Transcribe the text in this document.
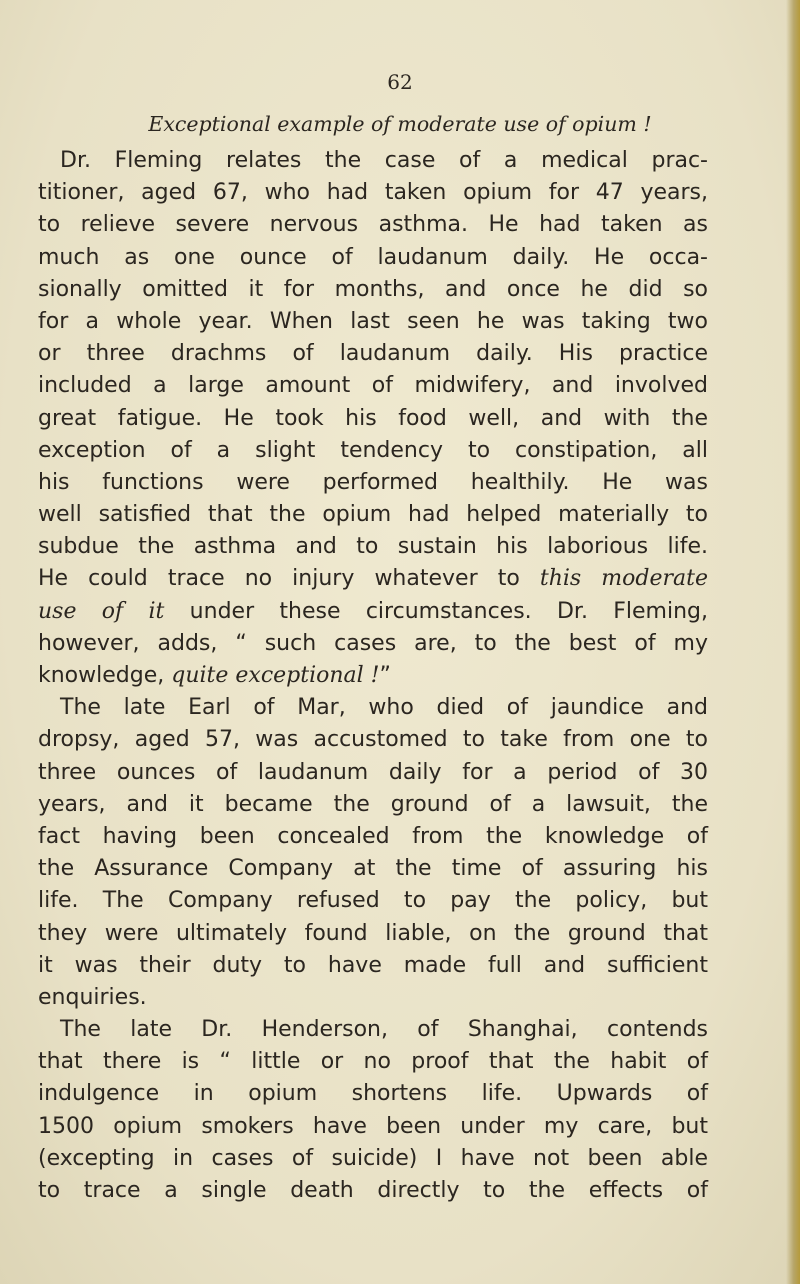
62

Exceptional example of moderate use of opium !

Dr. Fleming relates the case of a medical prac-
titioner, aged 67, who had taken opium for 47 years,
to relieve severe nervous asthma. He had taken as
much as one ounce of laudanum daily. He occa-
sionally omitted it for months, and once he did so
for a whole year. When last seen he was taking two
or three drachms of laudanum daily. His practice
included a large amount of midwifery, and involved
great fatigue. He took his food well, and with the
exception of a slight tendency to constipation, all
his functions were performed healthily. He was
well satisfied that the opium had helped materially to
subdue the asthma and to sustain his laborious life.
He could trace no injury whatever to this moderate
use of it under these circumstances. Dr. Fleming,
however, adds, “ such cases are, to the best of my
knowledge, quite exceptional !”
The late Earl of Mar, who died of jaundice and
dropsy, aged 57, was accustomed to take from one to
three ounces of laudanum daily for a period of 30
years, and it became the ground of a lawsuit, the
fact having been concealed from the knowledge of
the Assurance Company at the time of assuring his
life. The Company refused to pay the policy, but
they were ultimately found liable, on the ground that
it was their duty to have made full and sufficient
enquiries.
The late Dr. Henderson, of Shanghai, contends
that there is “ little or no proof that the habit of
indulgence in opium shortens life. Upwards of
1500 opium smokers have been under my care, but
(excepting in cases of suicide) I have not been able
to trace a single death directly to the effects of
